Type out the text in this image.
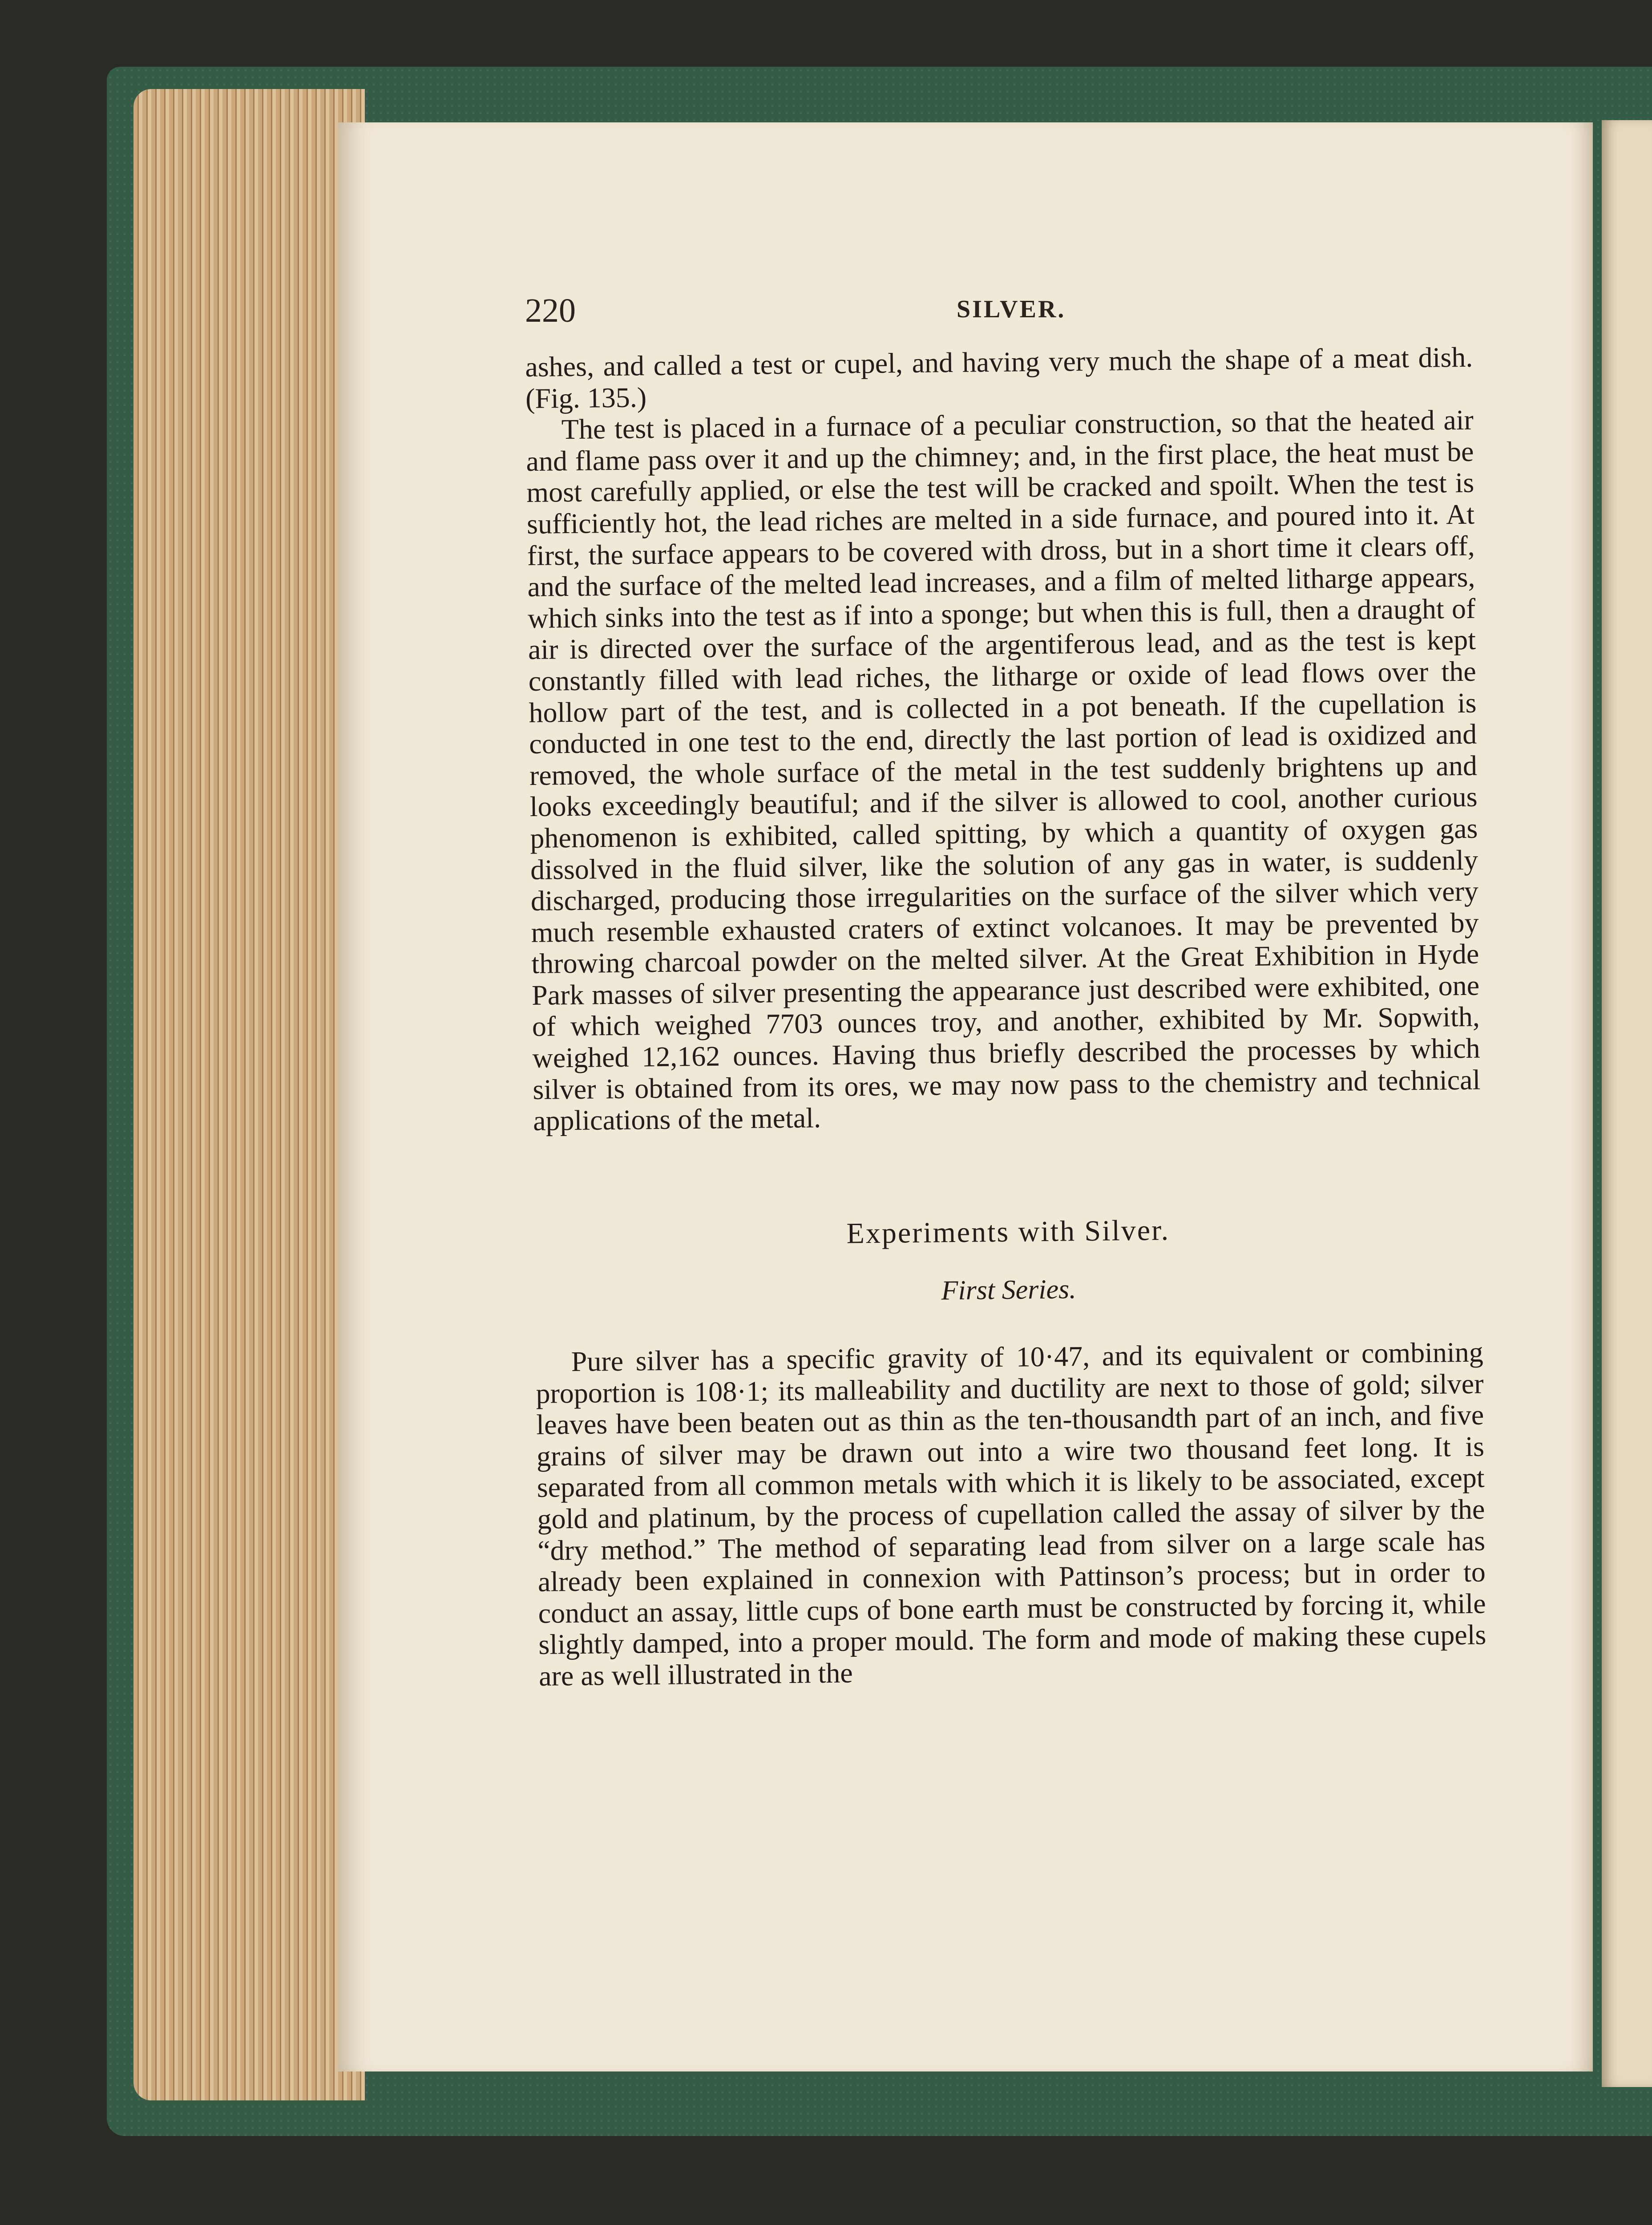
220	SILVER.

ashes, and called a test or cupel, and having very much the shape of a meat dish. (Fig. 135.)

The test is placed in a furnace of a peculiar construction, so that the heated air and flame pass over it and up the chimney; and, in the first place, the heat must be most carefully applied, or else the test will be cracked and spoilt. When the test is sufficiently hot, the lead riches are melted in a side furnace, and poured into it. At first, the surface appears to be covered with dross, but in a short time it clears off, and the surface of the melted lead increases, and a film of melted litharge appears, which sinks into the test as if into a sponge; but when this is full, then a draught of air is directed over the surface of the argentiferous lead, and as the test is kept constantly filled with lead riches, the litharge or oxide of lead flows over the hollow part of the test, and is collected in a pot beneath. If the cupellation is conducted in one test to the end, directly the last portion of lead is oxidized and removed, the whole surface of the metal in the test suddenly brightens up and looks exceedingly beautiful; and if the silver is allowed to cool, another curious phenomenon is exhibited, called spitting, by which a quantity of oxygen gas dissolved in the fluid silver, like the solution of any gas in water, is suddenly discharged, producing those irregularities on the surface of the silver which very much resemble exhausted craters of extinct volcanoes. It may be prevented by throwing charcoal powder on the melted silver. At the Great Exhibition in Hyde Park masses of silver presenting the appearance just described were exhibited, one of which weighed 7703 ounces troy, and another, exhibited by Mr. Sopwith, weighed 12,162 ounces. Having thus briefly described the processes by which silver is obtained from its ores, we may now pass to the chemistry and technical applications of the metal.

Experiments with Silver.
First Series.

Pure silver has a specific gravity of 10·47, and its equivalent or combining proportion is 108·1; its malleability and ductility are next to those of gold; silver leaves have been beaten out as thin as the ten-thousandth part of an inch, and five grains of silver may be drawn out into a wire two thousand feet long. It is separated from all common metals with which it is likely to be associated, except gold and platinum, by the process of cupellation called the assay of silver by the “dry method.” The method of separating lead from silver on a large scale has already been explained in connexion with Pattinson’s process; but in order to conduct an assay, little cups of bone earth must be constructed by forcing it, while slightly damped, into a proper mould. The form and mode of making these cupels are as well illustrated in the
